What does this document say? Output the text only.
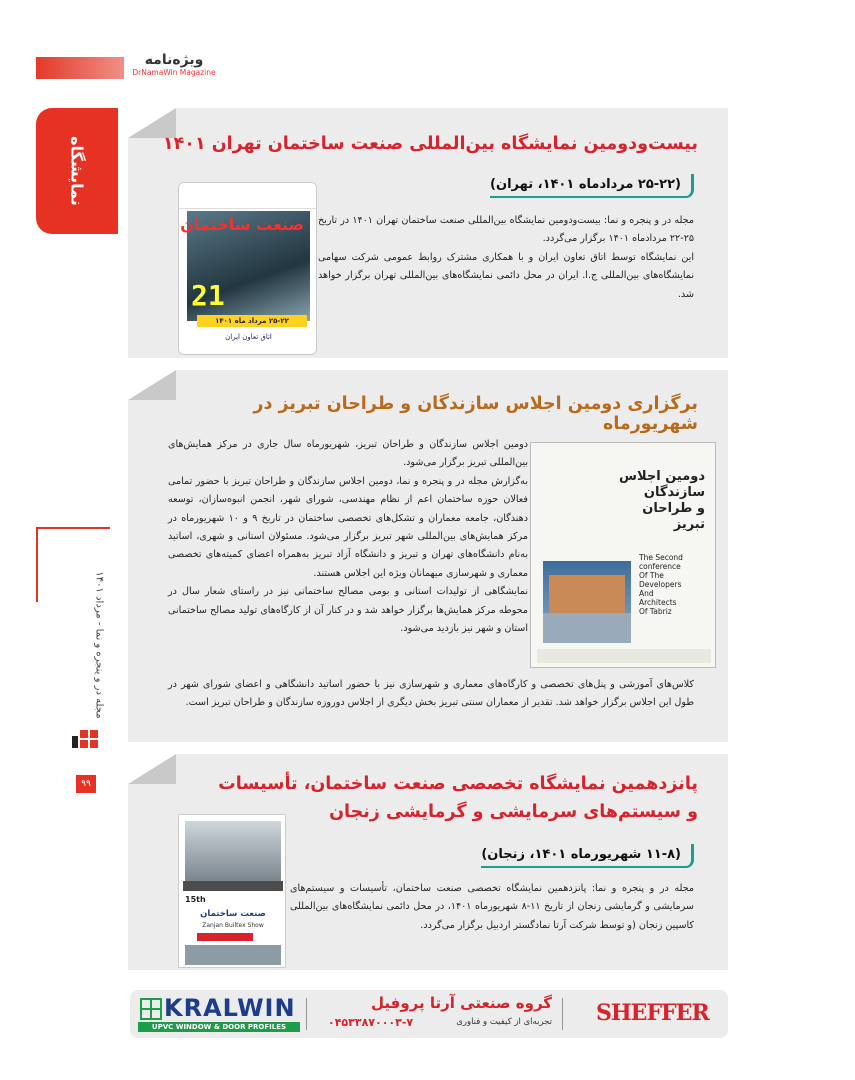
ویژه‌نامه
DrNamaWin Magazine
نمایشگاه
مجله در و پنجره و نما - مرداد ۱۴۰۱
۹۹
بیست‌ودومین نمایشگاه بین‌المللی صنعت ساختمان تهران ۱۴۰۱
(۲۵-۲۲ مردادماه ۱۴۰۱، تهران)

مجله در و پنجره و نما: بیست‌ودومین نمایشگاه بین‌المللی صنعت ساختمان تهران ۱۴۰۱ در تاریخ ۲۵-۲۲ مردادماه ۱۴۰۱ برگزار می‌گردد.

این نمایشگاه توسط اتاق تعاون ایران و با همکاری مشترک روابط عمومی شرکت سهامی نمایشگاه‌های بین‌المللی ج.ا. ایران در محل دائمی نمایشگاه‌های بین‌المللی تهران برگزار خواهد شد.

صنعت ساختمان
21
۲۵-۲۲ مرداد ماه ۱۴۰۱
اتاق تعاون ایران
برگزاری دومین اجلاس سازندگان و طراحان تبریز در شهریورماه

دومین اجلاس سازندگان و طراحان تبریز، شهریورماه سال جاری در مرکز همایش‌های بین‌المللی تبریز برگزار می‌شود.

به‌گزارش مجله در و پنجره و نما، دومین اجلاس سازندگان و طراحان تبریز با حضور تمامی فعالان حوزه ساختمان اعم از نظام مهندسی، شورای شهر، انجمن انبوه‌سازان، توسعه دهندگان، جامعه معماران و تشکل‌های تخصصی ساختمان در تاریخ ۹ و ۱۰ شهریورماه در مرکز همایش‌های بین‌المللی شهر تبریز برگزار می‌شود. مسئولان استانی و شهری، اساتید به‌نام دانشگاه‌های تهران و تبریز و دانشگاه آزاد تبریز به‌همراه اعضای کمیته‌های تخصصی معماری و شهرسازی میهمانان ویژه این اجلاس هستند.

نمایشگاهی از تولیدات استانی و بومی مصالح ساختمانی نیز در راستای شعار سال در محوطه مرکز همایش‌ها برگزار خواهد شد و در کنار آن از کارگاه‌های تولید مصالح ساختمانی استان و شهر نیز بازدید می‌شود.

کلاس‌های آموزشی و پنل‌های تخصصی و کارگاه‌های معماری و شهرسازی نیز با حضور اساتید دانشگاهی و اعضای شورای شهر در طول این اجلاس برگزار خواهد شد. تقدیر از معماران سنتی تبریز بخش دیگری از اجلاس دوروزه سازندگان و طراحان تبریز است.

دومین اجلاس
سازندگان
و طراحان
تبریز
The Second
conference
Of The
Developers
And
Architects
Of Tabriz
پانزدهمین نمایشگاه تخصصی صنعت ساختمان، تأسیسات
و سیستم‌های سرمایشی و گرمایشی زنجان
(۱۱-۸ شهریورماه ۱۴۰۱، زنجان)

مجله در و پنجره و نما: پانزدهمین نمایشگاه تخصصی صنعت ساختمان، تأسیسات و سیستم‌های سرمایشی و گرمایشی زنجان از تاریخ ۱۱-۸ شهریورماه ۱۴۰۱، در محل دائمی نمایشگاه‌های بین‌المللی کاسپین زنجان (و توسط شرکت آرتا نمادگستر اردبیل برگزار می‌گردد.

15th
صنعت ساختمان
Zanjan Builtex Show
KRALWIN
UPVC WINDOW & DOOR PROFILES
گروه صنعتی آرتا پروفیل
۰۴۵۳۳۸۷۰۰۰۳-۷	تجربه‌ای از کیفیت و فناوری SHEFFER
